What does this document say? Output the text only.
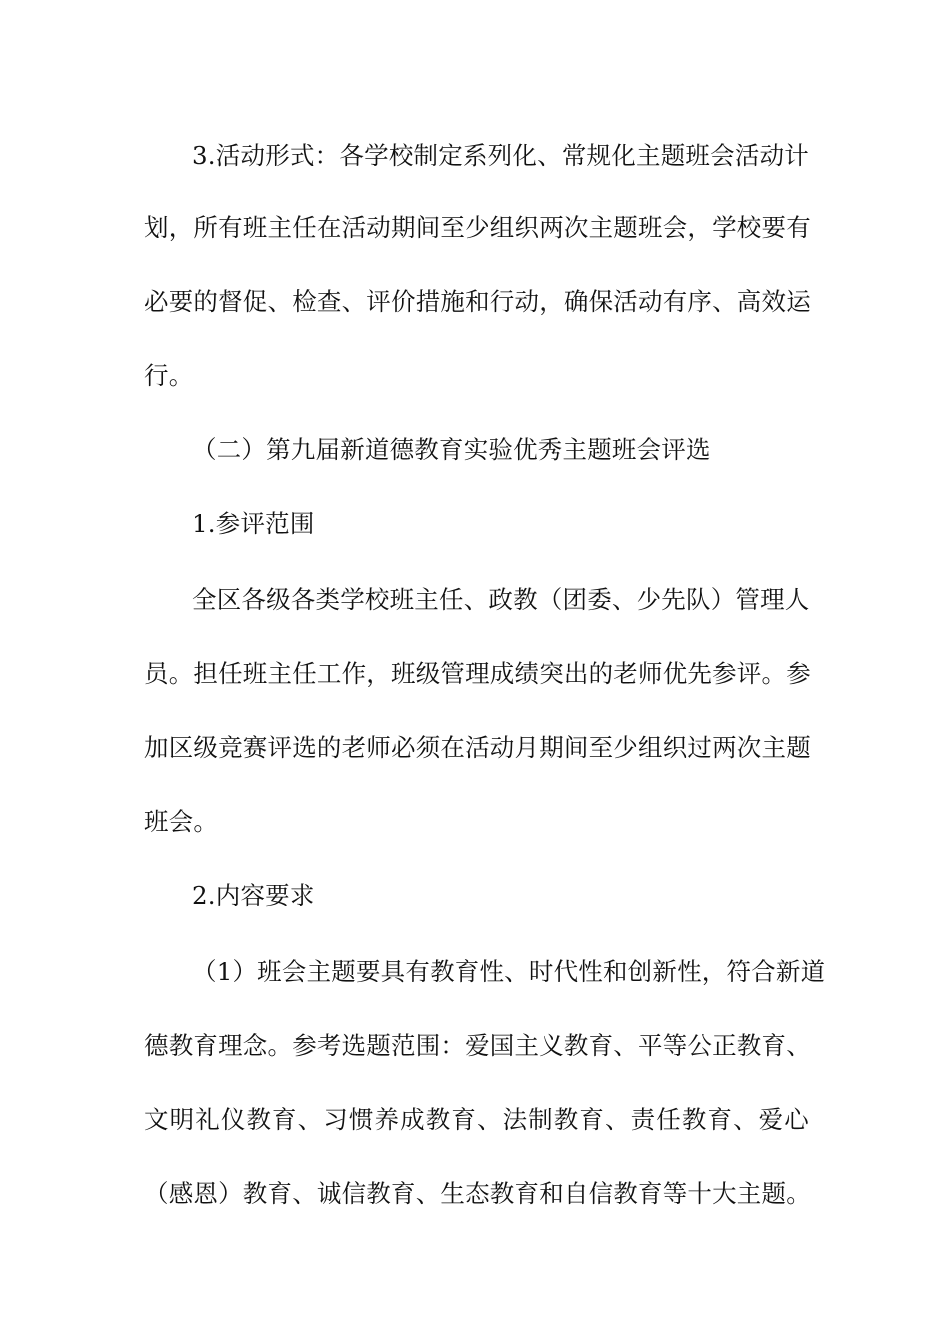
3.活动形式：各学校制定系列化、常规化主题班会活动计
划，所有班主任在活动期间至少组织两次主题班会，学校要有
必要的督促、检查、评价措施和行动，确保活动有序、高效运
行。
（二）第九届新道德教育实验优秀主题班会评选
1.参评范围
全区各级各类学校班主任、政教（团委、少先队）管理人
员。担任班主任工作，班级管理成绩突出的老师优先参评。参
加区级竞赛评选的老师必须在活动月期间至少组织过两次主题
班会。
2.内容要求
（1）班会主题要具有教育性、时代性和创新性，符合新道
德教育理念。参考选题范围：爱国主义教育、平等公正教育、
文明礼仪教育、习惯养成教育、法制教育、责任教育、爱心
（感恩）教育、诚信教育、生态教育和自信教育等十大主题。
